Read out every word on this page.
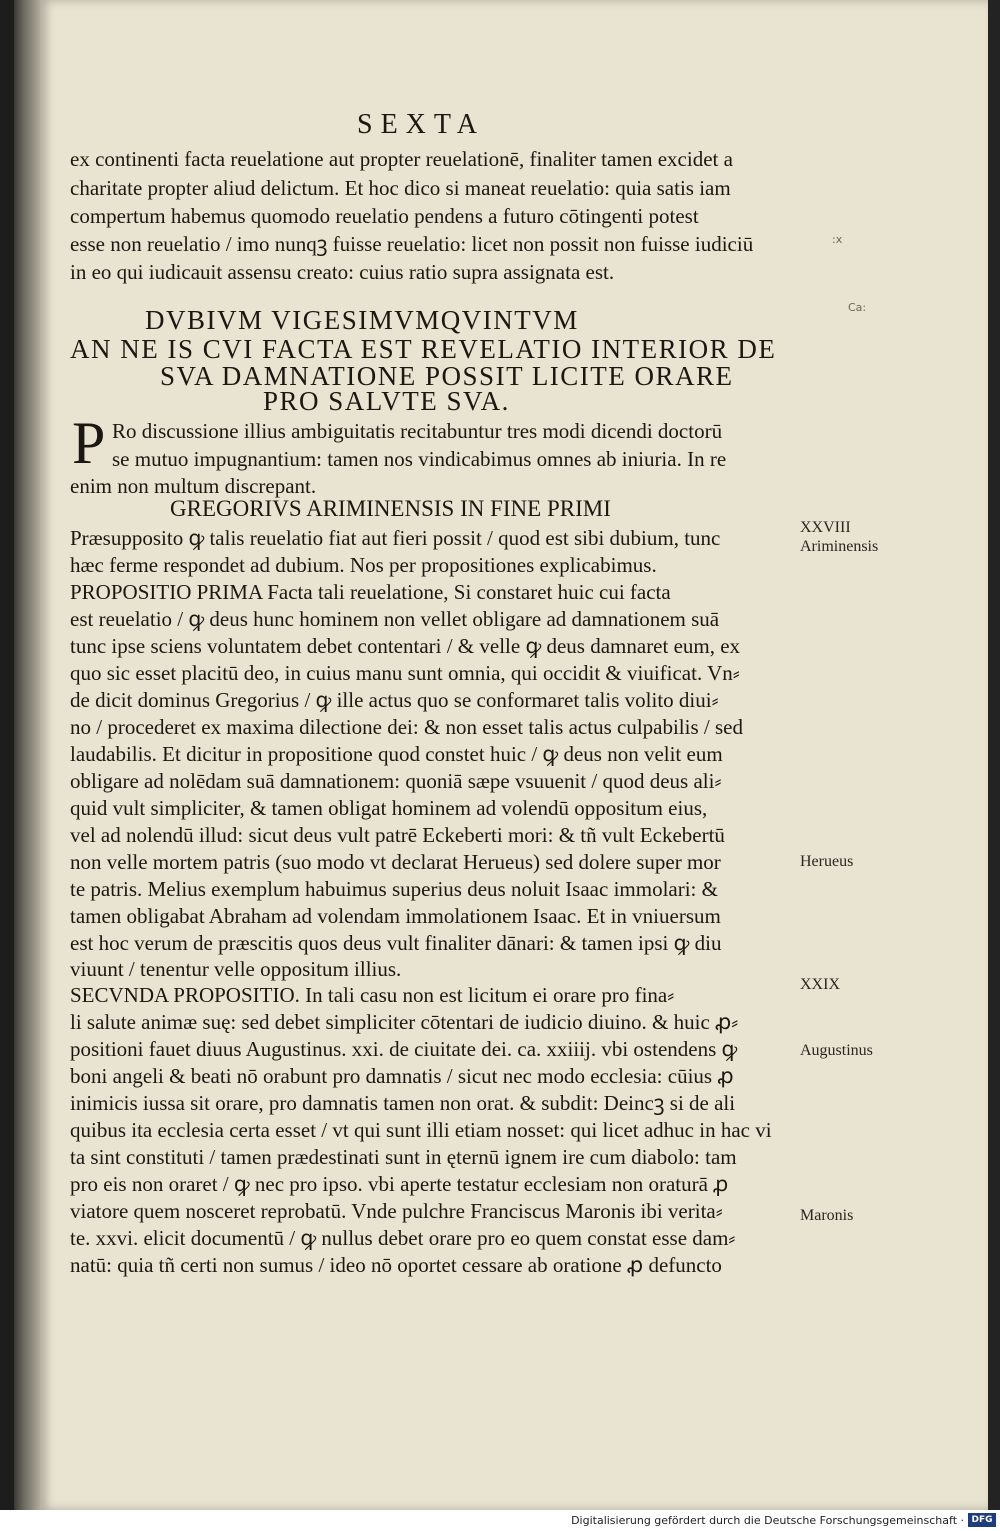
SEXTA
ex continenti facta reuelatione aut propter reuelationē, finaliter tamen excidet a
charitate propter aliud delictum. Et hoc dico si maneat reuelatio: quia satis iam
compertum habemus quomodo reuelatio pendens a futuro cōtingenti potest
esse non reuelatio / imo nunqꝫ fuisse reuelatio: licet non possit non fuisse iudiciū
in eo qui iudicauit assensu creato: cuius ratio supra assignata est.
DVBIVM VIGESIMVMQVINTVM
AN NE IS CVI FACTA EST REVELATIO INTERIOR DE
SVA DAMNATIONE POSSIT LICITE ORARE
PRO SALVTE SVA.
P Ro discussione illius ambiguitatis recitabuntur tres modi dicendi doctorū
se mutuo impugnantium: tamen nos vindicabimus omnes ab iniuria. In re
enim non multum discrepant.
GREGORIVS ARIMINENSIS IN FINE PRIMI
Præsupposito ꝙ talis reuelatio fiat aut fieri possit / quod est sibi dubium, tunc
hæc ferme respondet ad dubium. Nos per propositiones explicabimus.
PROPOSITIO PRIMA Facta tali reuelatione, Si constaret huic cui facta
est reuelatio / ꝙ deus hunc hominem non vellet obligare ad damnationem suā
tunc ipse sciens voluntatem debet contentari / & velle ꝙ deus damnaret eum, ex
quo sic esset placitū deo, in cuius manu sunt omnia, qui occidit & viuificat. Vn⸗
de dicit dominus Gregorius / ꝙ ille actus quo se conformaret talis volito diui⸗
no / procederet ex maxima dilectione dei: & non esset talis actus culpabilis / sed
laudabilis. Et dicitur in propositione quod constet huic / ꝙ deus non velit eum
obligare ad nolēdam suā damnationem: quoniā sæpe vsuuenit / quod deus ali⸗
quid vult simpliciter, & tamen obligat hominem ad volendū oppositum eius,
vel ad nolendū illud: sicut deus vult patrē Eckeberti mori: & tñ vult Eckebertū
non velle mortem patris (suo modo vt declarat Herueus) sed dolere super mor
te patris. Melius exemplum habuimus superius deus noluit Isaac immolari: &
tamen obligabat Abraham ad volendam immolationem Isaac. Et in vniuersum
est hoc verum de præscitis quos deus vult finaliter dānari: & tamen ipsi ꝙ diu
viuunt / tenentur velle oppositum illius.
SECVNDA PROPOSITIO. In tali casu non est licitum ei orare pro fina⸗
li salute animæ suę: sed debet simpliciter cōtentari de iudicio diuino. & huic ꝓ⸗
positioni fauet diuus Augustinus. xxi. de ciuitate dei. ca. xxiiij. vbi ostendens ꝙ
boni angeli & beati nō orabunt pro damnatis / sicut nec modo ecclesia: cūius ꝓ
inimicis iussa sit orare, pro damnatis tamen non orat. & subdit: Deincꝫ si de ali
quibus ita ecclesia certa esset / vt qui sunt illi etiam nosset: qui licet adhuc in hac vi
ta sint constituti / tamen prædestinati sunt in ęternū ignem ire cum diabolo: tam
pro eis non oraret / ꝙ nec pro ipso. vbi aperte testatur ecclesiam non oraturā ꝓ
viatore quem nosceret reprobatū. Vnde pulchre Franciscus Maronis ibi verita⸗
te. xxvi. elicit documentū / ꝙ nullus debet orare pro eo quem constat esse dam⸗
natū: quia tñ certi non sumus / ideo nō oportet cessare ab oratione ꝓ defuncto
XXVIII
Ariminensis
Herueus
XXIX
Augustinus
Maronis
:x
Ca:
Digitalisierung gefördert durch die Deutsche Forschungsgemeinschaft · DFG
